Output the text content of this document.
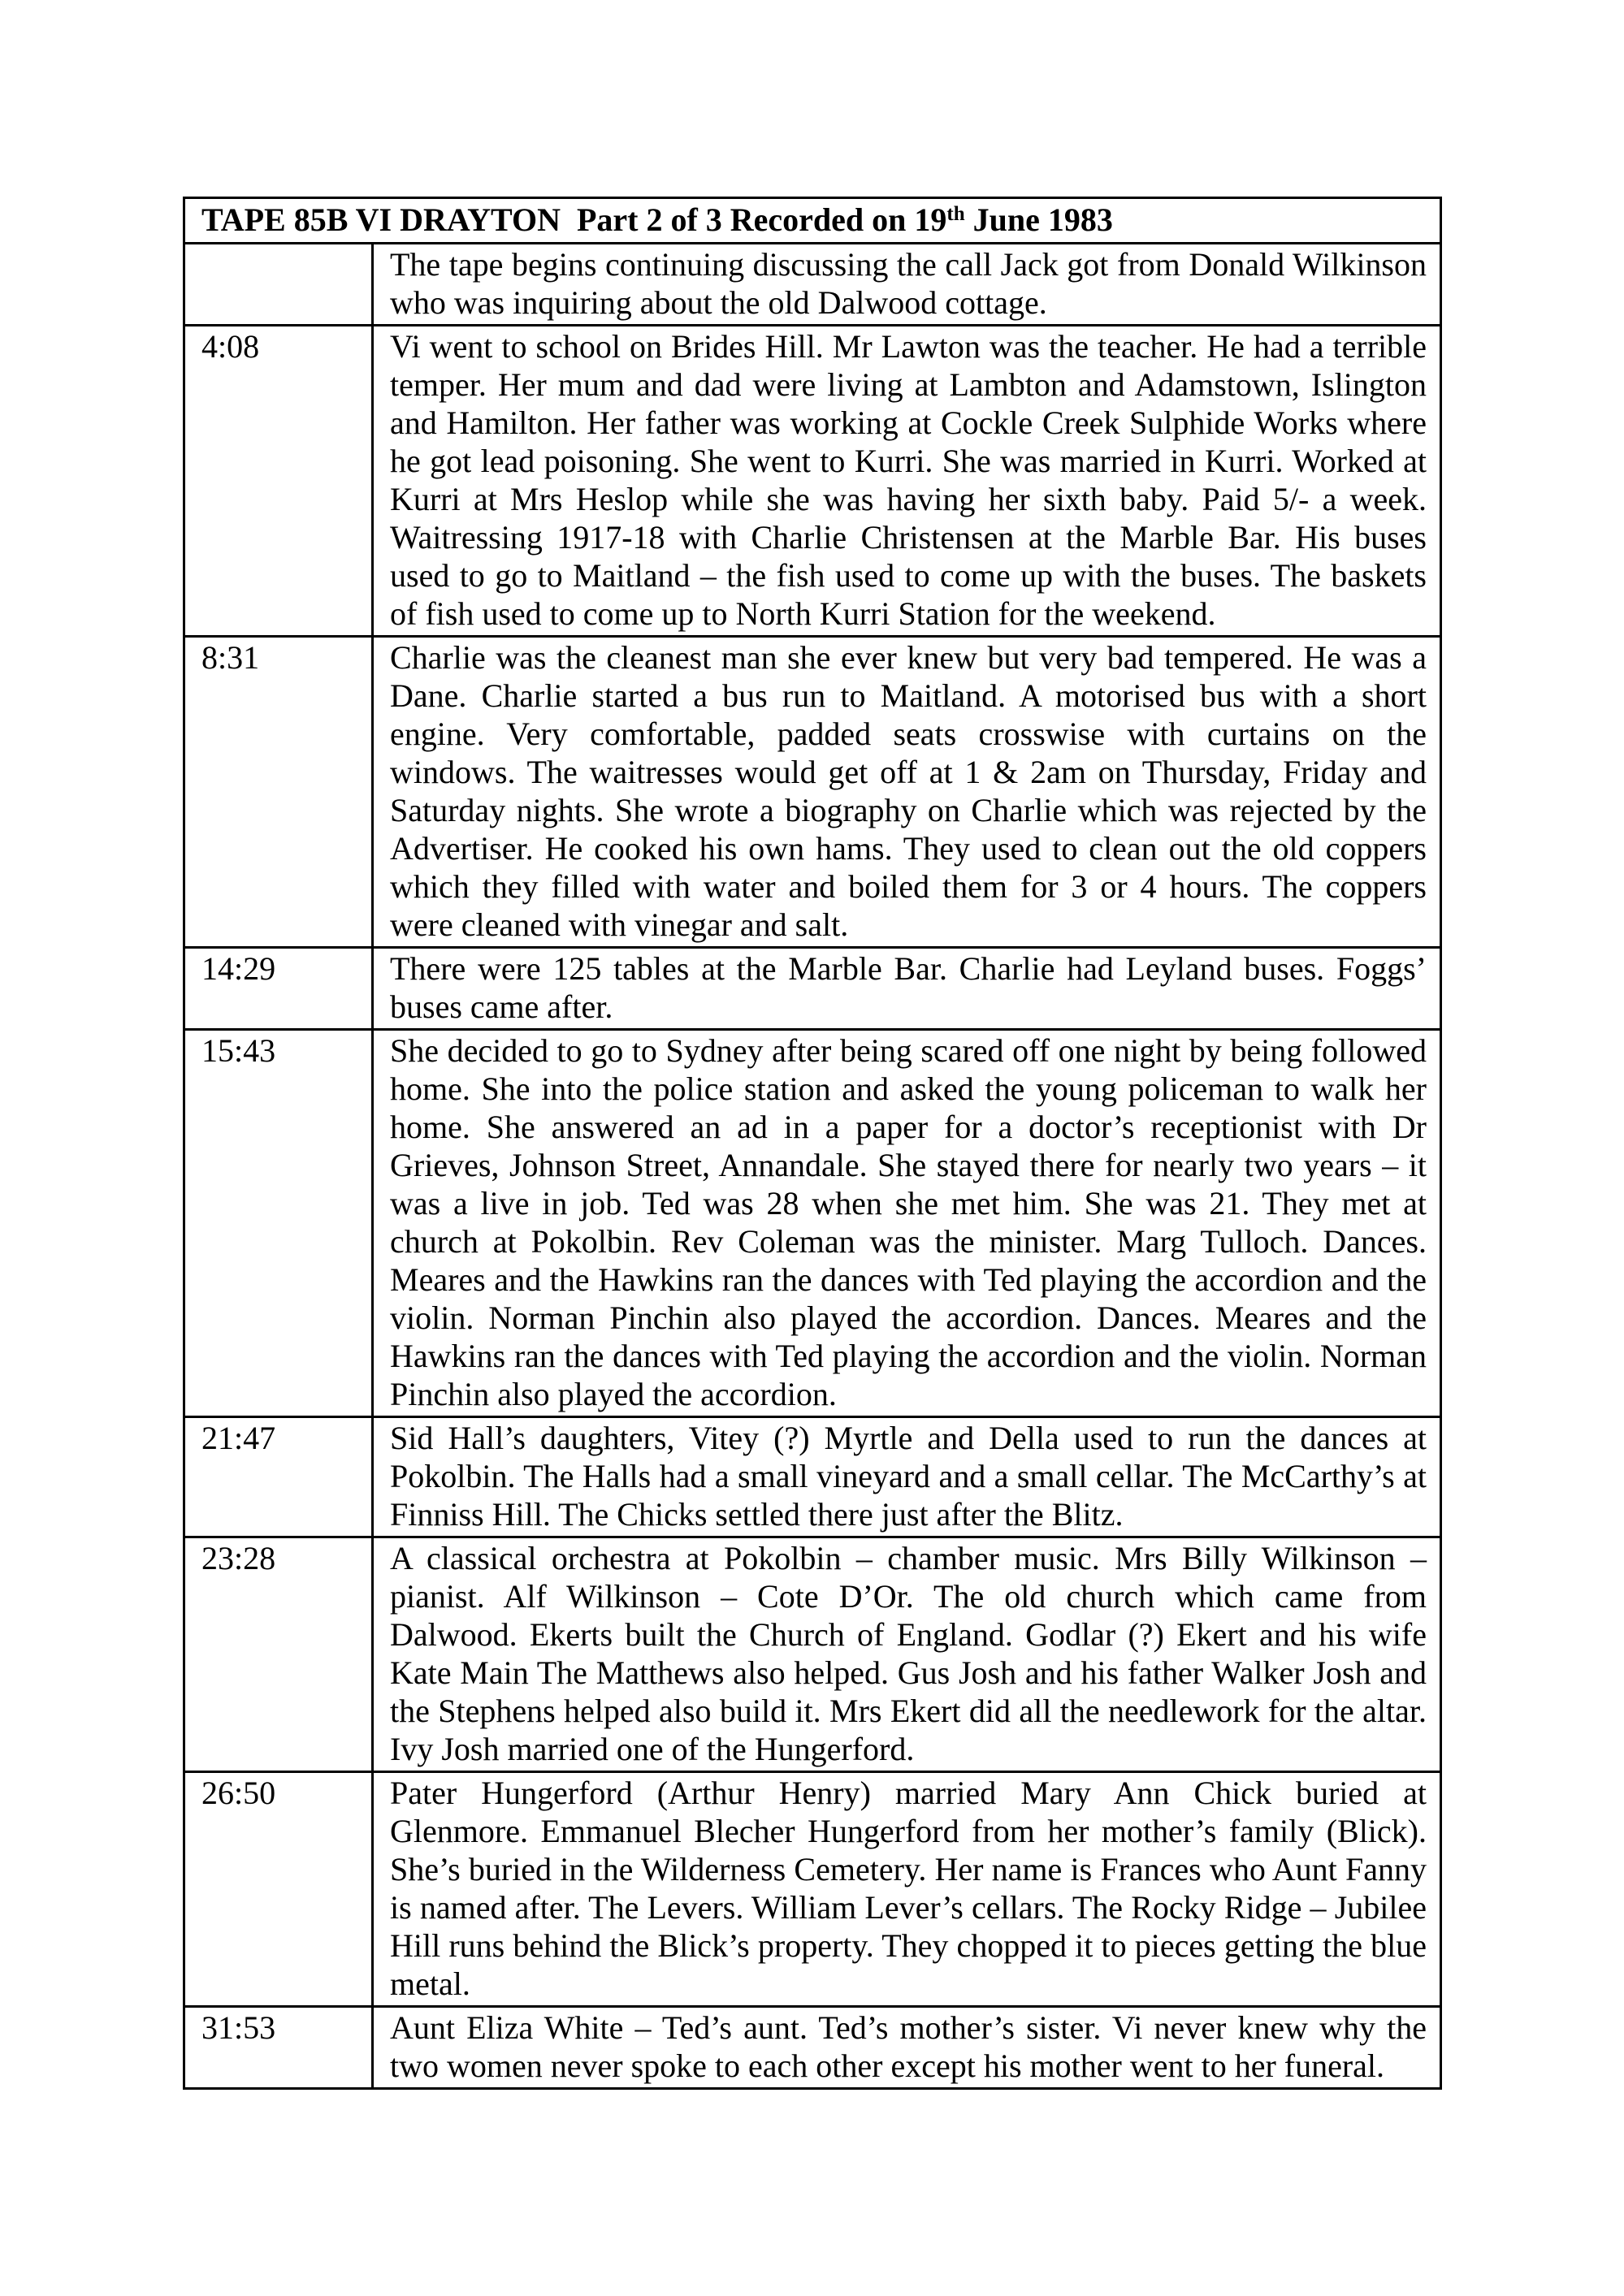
TAPE 85B VI DRAYTON  Part 2 of 3 Recorded on 19th June 1983	
	The tape begins continuing discussing the call Jack got from Donald Wilkinson who was inquiring about the old Dalwood cottage.
4:08	Vi went to school on Brides Hill. Mr Lawton was the teacher. He had a terrible temper. Her mum and dad were living at Lambton and Adamstown, Islington and Hamilton. Her father was working at Cockle Creek Sulphide Works where he got lead poisoning. She went to Kurri. She was married in Kurri. Worked at Kurri at Mrs Heslop while she was having her sixth baby. Paid 5/- a week. Waitressing 1917-18 with Charlie Christensen at the Marble Bar. His buses used to go to Maitland – the fish used to come up with the buses. The baskets of fish used to come up to North Kurri Station for the weekend.
8:31	Charlie was the cleanest man she ever knew but very bad tempered. He was a Dane. Charlie started a bus run to Maitland. A motorised bus with a short engine. Very comfortable, padded seats crosswise with curtains on the windows. The waitresses would get off at 1 & 2am on Thursday, Friday and Saturday nights. She wrote a biography on Charlie which was rejected by the Advertiser. He cooked his own hams. They used to clean out the old coppers which they filled with water and boiled them for 3 or 4 hours. The coppers were cleaned with vinegar and salt.
14:29	There were 125 tables at the Marble Bar. Charlie had Leyland buses. Foggs’ buses came after.
15:43	She decided to go to Sydney after being scared off one night by being followed home. She into the police station and asked the young policeman to walk her home. She answered an ad in a paper for a doctor’s receptionist with Dr Grieves, Johnson Street, Annandale. She stayed there for nearly two years – it was a live in job. Ted was 28 when she met him. She was 21. They met at church at Pokolbin. Rev Coleman was the minister. Marg Tulloch. Dances. Meares and the Hawkins ran the dances with Ted playing the accordion and the violin. Norman Pinchin also played the accordion. Dances. Meares and the Hawkins ran the dances with Ted playing the accordion and the violin. Norman Pinchin also played the accordion.
21:47	Sid Hall’s daughters, Vitey (?) Myrtle and Della used to run the dances at Pokolbin. The Halls had a small vineyard and a small cellar. The McCarthy’s at Finniss Hill. The Chicks settled there just after the Blitz.
23:28	A classical orchestra at Pokolbin – chamber music. Mrs Billy Wilkinson – pianist. Alf Wilkinson – Cote D’Or. The old church which came from Dalwood. Ekerts built the Church of England. Godlar (?) Ekert and his wife Kate Main The Matthews also helped. Gus Josh and his father Walker Josh and the Stephens helped also build it. Mrs Ekert did all the needlework for the altar. Ivy Josh married one of the Hungerford.
26:50	Pater Hungerford (Arthur Henry) married Mary Ann Chick buried at Glenmore. Emmanuel Blecher Hungerford from her mother’s family (Blick). She’s buried in the Wilderness Cemetery. Her name is Frances who Aunt Fanny is named after. The Levers. William Lever’s cellars. The Rocky Ridge – Jubilee Hill runs behind the Blick’s property. They chopped it to pieces getting the blue metal.
31:53	Aunt Eliza White – Ted’s aunt. Ted’s mother’s sister. Vi never knew why the two women never spoke to each other except his mother went to her funeral.
